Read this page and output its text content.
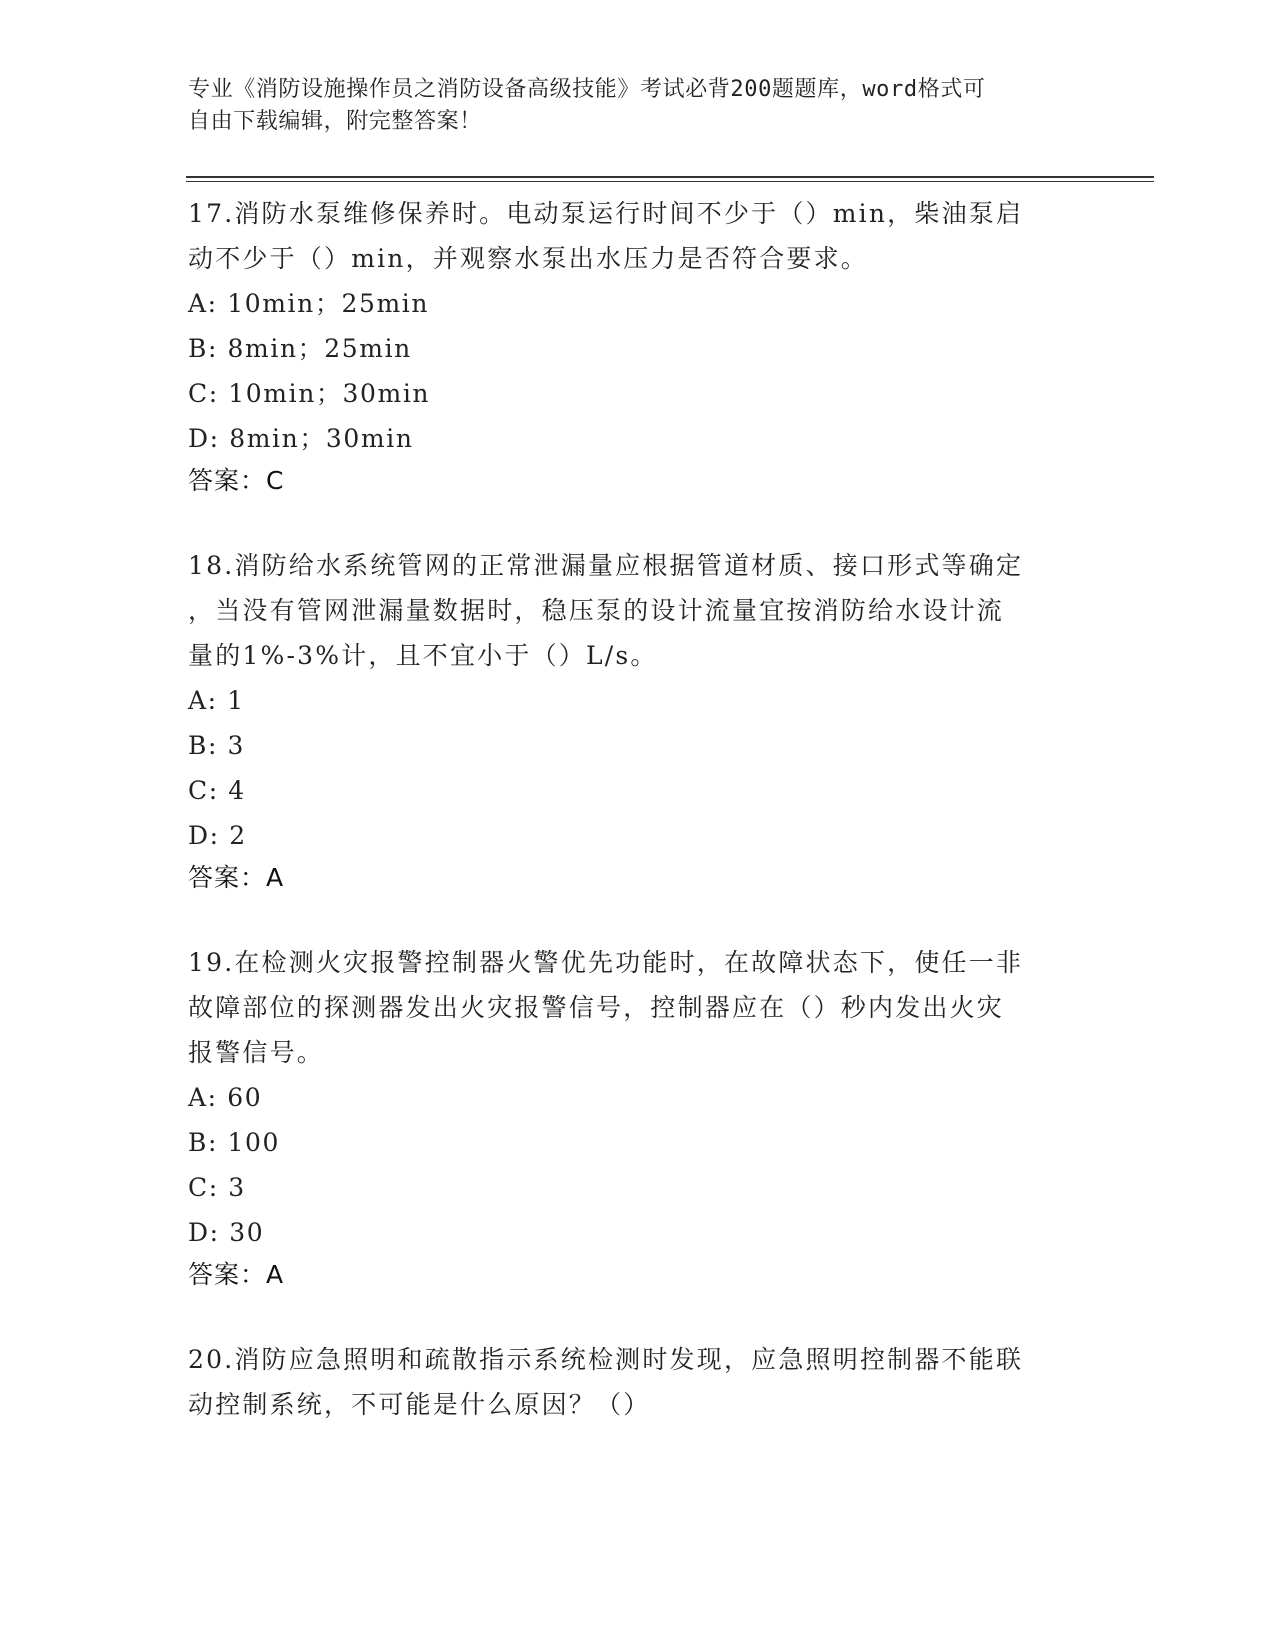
专业《消防设施操作员之消防设备高级技能》考试必背200题题库，word格式可
自由下载编辑，附完整答案！
17.消防水泵维修保养时。电动泵运行时间不少于（）min，柴油泵启
动不少于（）min，并观察水泵出水压力是否符合要求。
A: 10min；25min
B: 8min；25min
C: 10min；30min
D: 8min；30min
答案：C
18.消防给水系统管网的正常泄漏量应根据管道材质、接口形式等确定
，当没有管网泄漏量数据时，稳压泵的设计流量宜按消防给水设计流
量的1%-3%计，且不宜小于（）L/s。
A: 1
B: 3
C: 4
D: 2
答案：A
19.在检测火灾报警控制器火警优先功能时，在故障状态下，使任一非
故障部位的探测器发出火灾报警信号，控制器应在（）秒内发出火灾
报警信号。
A: 60
B: 100
C: 3
D: 30
答案：A
20.消防应急照明和疏散指示系统检测时发现，应急照明控制器不能联
动控制系统，不可能是什么原因？（）
